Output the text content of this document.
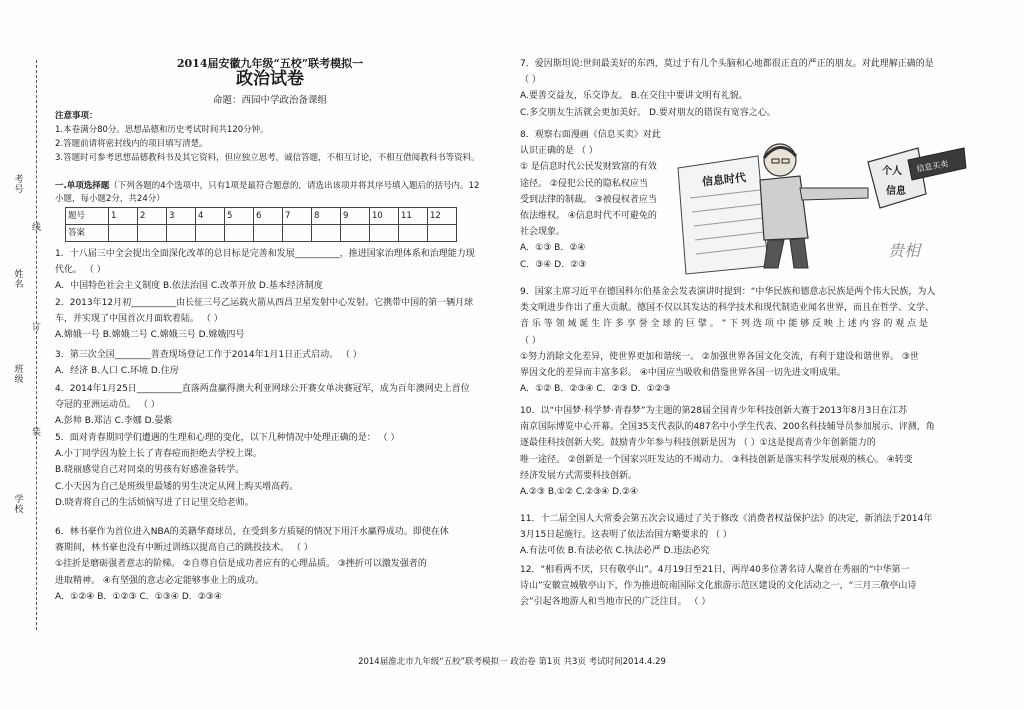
考号
姓名
班级
学校
线
订
装
2014届安徽九年级“五校”联考模拟一
政治试卷
命题：西园中学政治备课组
注意事项：
1.本卷满分80分。思想品德和历史考试时间共120分钟。
2.答题前请将密封线内的项目填写清楚。
3.答题时可参考思想品德教科书及其它资料，但应独立思考，诚信答题，不相互讨论，不相互借阅教科书等资料。
一.单项选择题（下列各题的4个选项中，只有1项是最符合题意的，请选出该项并将其序号填入题后的括号内。12小题，每小题2分，共24分）
题号	1	2	3	4	5	6	7	8	9	10	11	12
答案												
1．十八届三中全会提出全面深化改革的总目标是完善和发展__________，推进国家治理体系和治理能力现
代化。 （ ）
A．中国特色社会主义制度 B.依法治国 C.改革开放 D.基本经济制度
2．2013年12月初__________由长征三号乙运载火箭从西昌卫星发射中心发射。它携带中国的第一辆月球
车，并实现了中国首次月面软着陆。 （ ）
A.嫦娥一号 B.嫦娥二号 C.嫦娥三号 D.嫦娥四号
3．第三次全国________普查现场登记工作于2014年1月1日正式启动。 （ ）
A．经济 B.人口 C.环境 D.住房
4．2014年1月25日__________直落两盘赢得澳大利亚网球公开赛女单决赛冠军，成为百年澳网史上首位
夺冠的亚洲运动员。 （ ）
A.彭帅 B.郑洁 C.李娜 D.晏紫
5．面对青春期同学们遭遇的生理和心理的变化，以下几种情况中处理正确的是： （ ）
A.小丁同学因为脸上长了青春痘而拒绝去学校上课。
B.晓丽感觉自己对同桌的男孩有好感准备转学。
C.小天因为自己是班级里最矮的男生决定从网上购买增高药。
D.晓青将自己的生活烦恼写进了日记里交给老师。
6．林书豪作为首位进入NBA的美籍华裔球员，在受到多方质疑的情况下用汗水赢得成功。即使在休
赛期间，林书豪也没有中断过训练以提高自己的跳投技术。 （ ）
①挂折是磨砺强者意志的阶梯。 ②自尊自信是成功者应有的心理品质。 ③挫折可以激发强者的
进取精神。 ④有坚强的意志必定能够事业上的成功。
A．①②④ B．①②③ C．①③④ D．②③④
7．爱因斯坦说:世间最美好的东西，莫过于有几个头脑和心地都很正直的严正的朋友。对此理解正确的是
（ ）
A.要善交益友，乐交诤友。 B.在交往中要讲文明有礼貌。
C.多交朋友生活就会更加美好。 D.要对朋友的错误有宽容之心。
8．观察右面漫画《信息买卖》对此
认识正确的是 （ ）
① 是信息时代公民发财致富的有效
途径。 ②侵犯公民的隐私权应当
受到法律的制裁。 ③被侵权者应当
依法维权。 ④信息时代不可避免的
社会现象。
A．①③ B．②④
C．③④ D．②③
9．国家主席习近平在德国科尔伯基金会发表演讲时提到：“中华民族和德意志民族是两个伟大民族，为人
类文明进步作出了重大贡献。德国不仅以其发达的科学技术和现代制造业闻名世界，而且在哲学、文学、
音 乐 等 领 域 诞 生 许 多 享 誉 全 球 的 巨 擘 。 ” 下 列 选 项 中 能 够 反 映 上 述 内 容 的 观 点 是
（ ）
①努力消除文化差异，使世界更加和谐统一。 ②加强世界各国文化交流，有利于建设和谐世界。 ③世
界因文化的差异而丰富多彩。 ④中国应当吸收和借鉴世界各国一切先进文明成果。
A．①② B．②③④ C．②③ D．①②③
10．以“中国梦·科学梦·青春梦”为主题的第28届全国青少年科技创新大赛于2013年8月3日在江苏
南京国际博览中心开幕。全国35支代表队的487名中小学生代表、200名科技辅导员参加展示、评测，角
逐最佳科技创新大奖。鼓励青少年参与科技创新是因为 （ ）①这是提高青少年创新能力的
唯一途径。 ②创新是一个国家兴旺发达的不竭动力。 ③科技创新是落实科学发展观的核心。 ④转变
经济发展方式需要科技创新。
A.②③ B.①② C.②③④ D.②④
11．十二届全国人大常委会第五次会议通过了关于修改《消费者权益保护法》的决定，新消法于2014年
3月15日起施行。这表明了依法治国方略要求的 （ ）
A.有法可依 B.有法必依 C.执法必严 D.违法必究
12．“相看两不厌，只有敬亭山”。4月19日至21日，两岸40多位著名诗人聚首在秀丽的“中华第一
诗山”安徽宣城敬亭山下，作为推进皖南国际文化旅游示范区建设的文化活动之一，“三月三敬亭山诗
会”引起各地游人和当地市民的广泛注目。 （ ）
信息时代	个人
信息
信息买卖
贵相
2014届淮北市九年级“五校”联考模拟一 政治卷 第1页 共3页 考试时间2014.4.29
